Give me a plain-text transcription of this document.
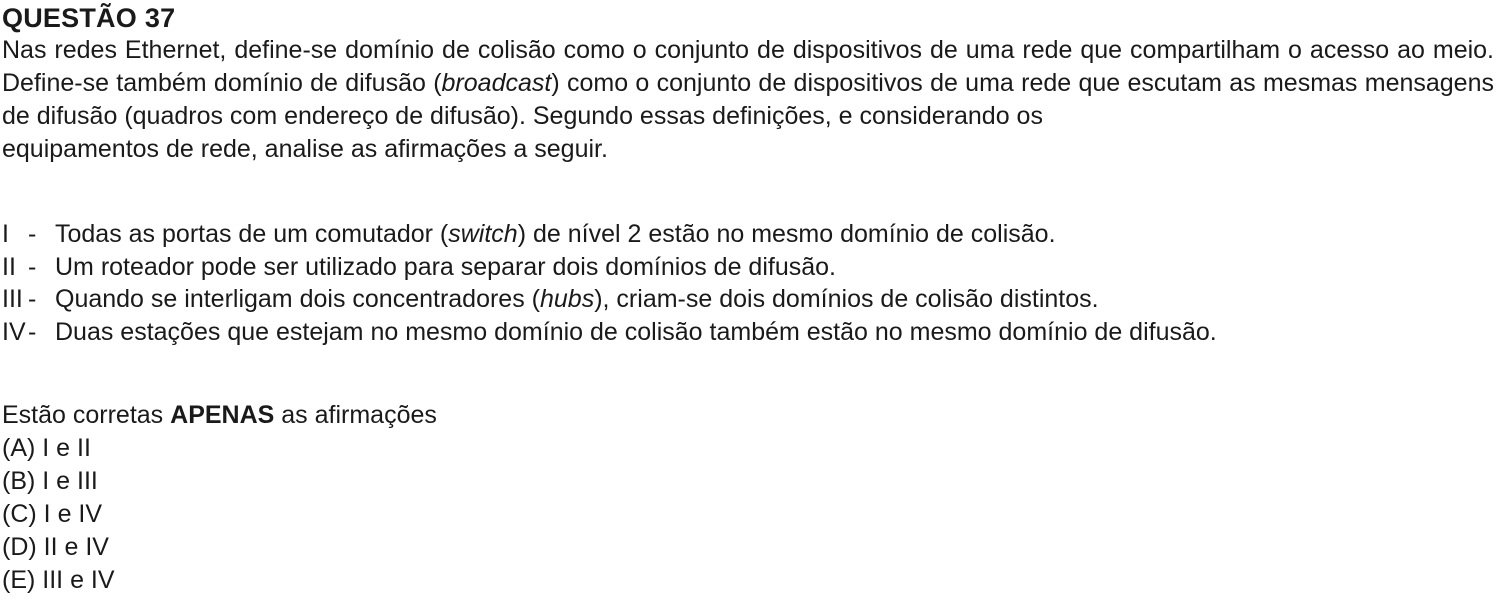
QUESTÃO 37

Nas redes Ethernet, define-se domínio de colisão como o conjunto de dispositivos de uma rede que compartilham o acesso ao meio. Define-se também domínio de difusão (broadcast) como o conjunto de dispositivos de uma rede que escutam as mesmas mensagens de difusão (quadros com endereço de difusão). Segundo essas definições, e considerando os
equipamentos de rede, analise as afirmações a seguir.

I - Todas as portas de um comutador (switch) de nível 2 estão no mesmo domínio de colisão.
II - Um roteador pode ser utilizado para separar dois domínios de difusão.
III - Quando se interligam dois concentradores (hubs), criam-se dois domínios de colisão distintos.
IV - Duas estações que estejam no mesmo domínio de colisão também estão no mesmo domínio de difusão.
Estão corretas APENAS as afirmações
(A) I e II
(B) I e III
(C) I e IV
(D) II e IV
(E) III e IV
